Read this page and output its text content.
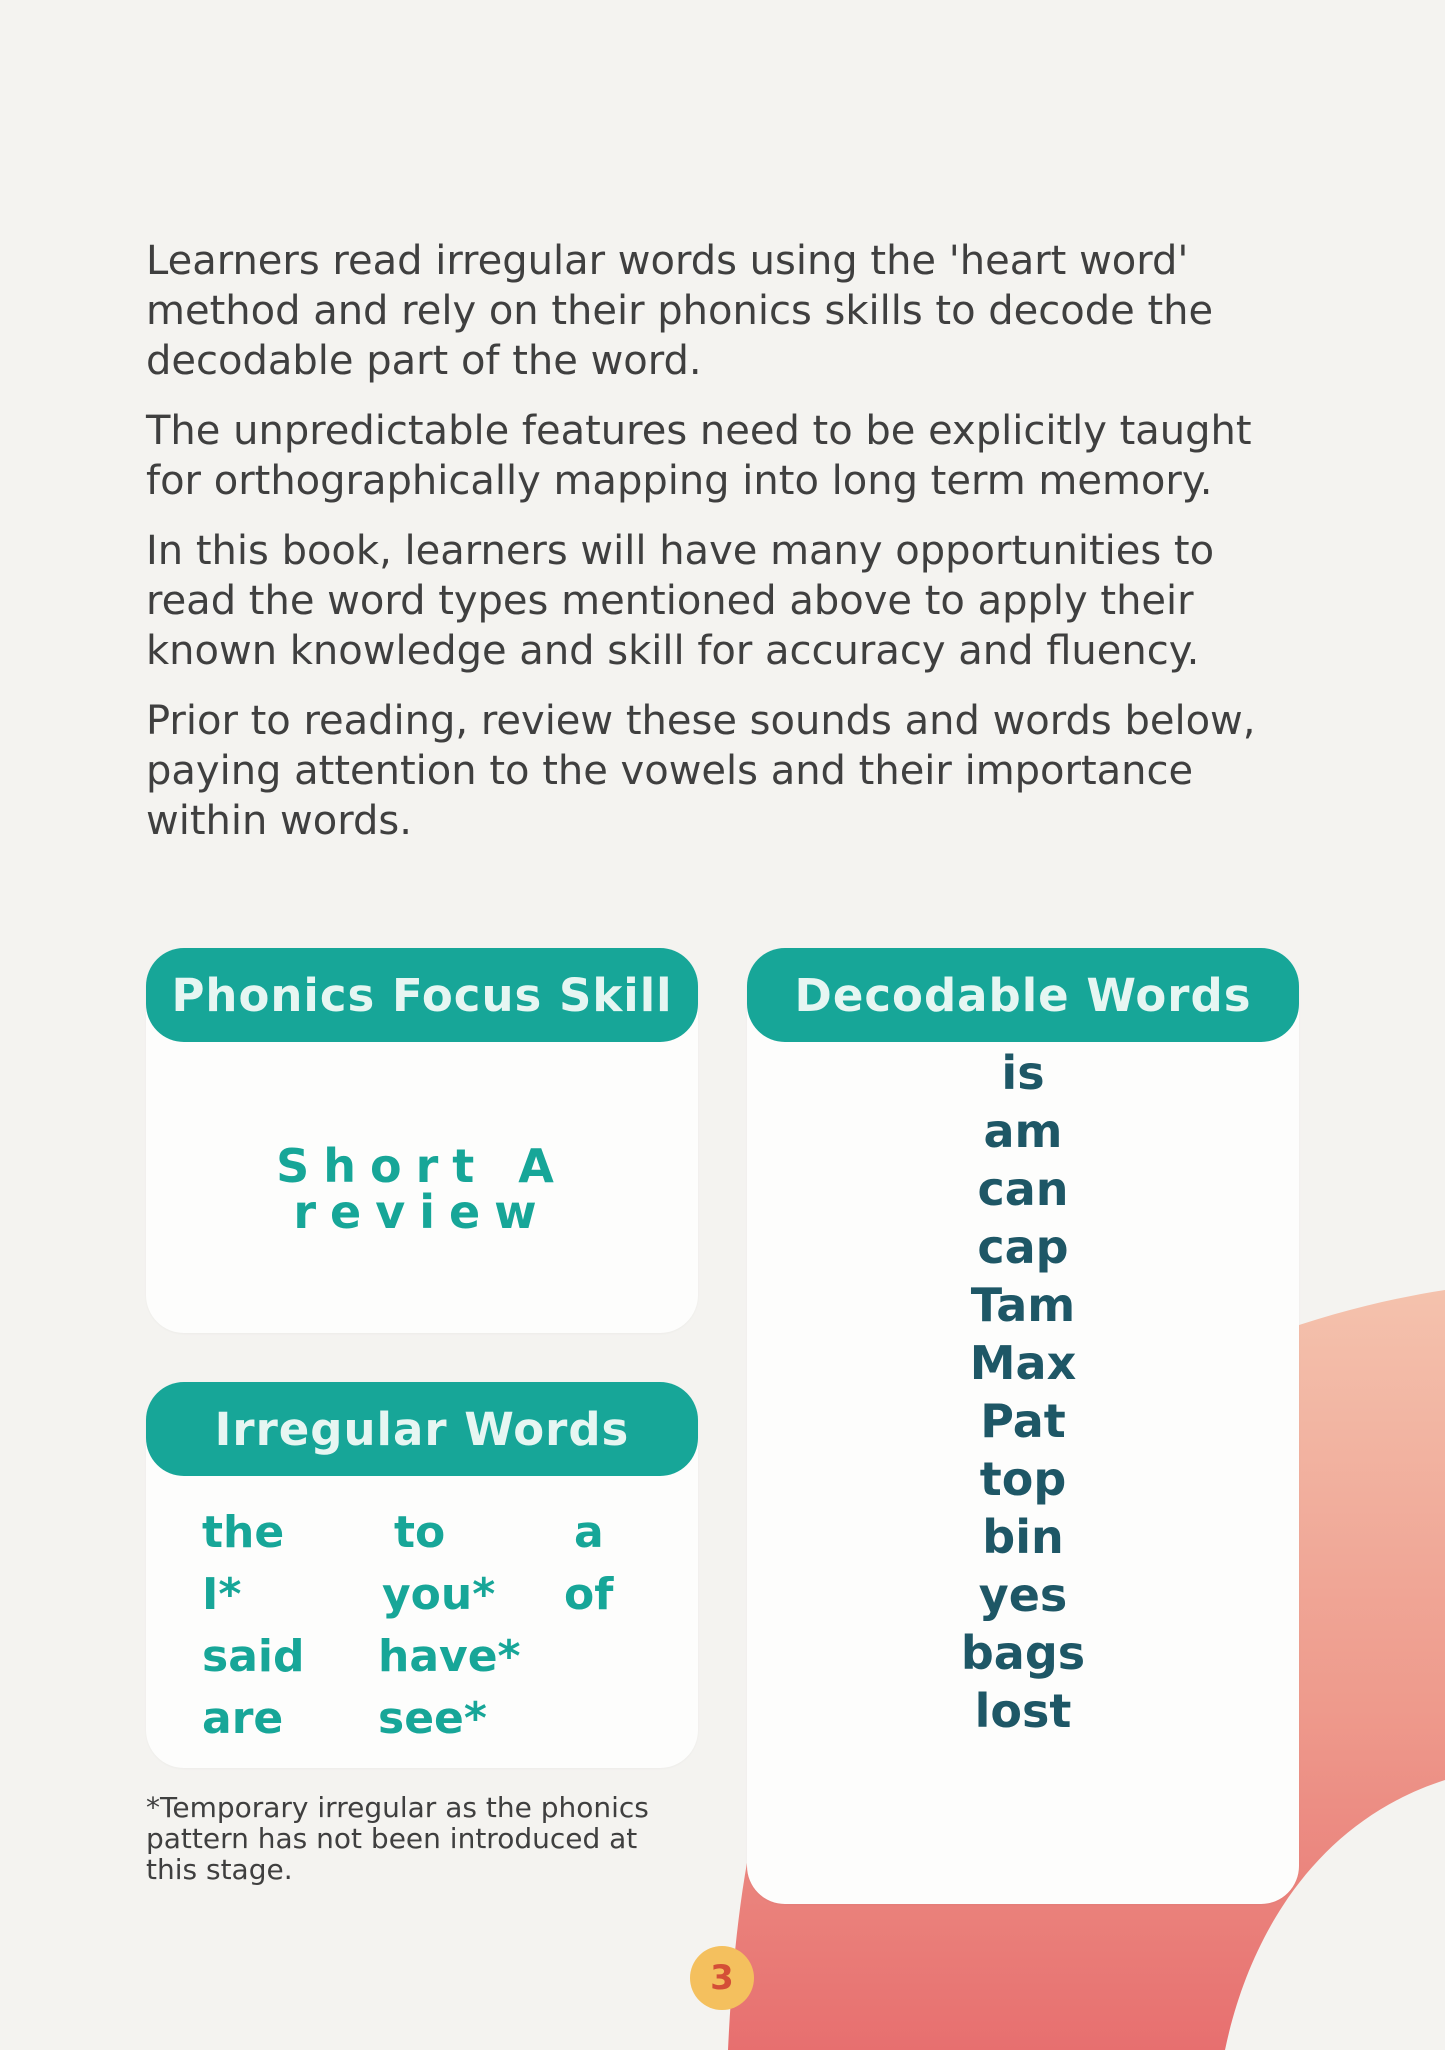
Learners read irregular words using the 'heart word' method and rely on their phonics skills to decode the decodable part of the word.

The unpredictable features need to be explicitly taught for orthographically mapping into long term memory.

In this book, learners will have many opportunities to read the word types mentioned above to apply their known knowledge and skill for accuracy and fluency.

Prior to reading, review these sounds and words below, paying attention to the vowels and their importance within words.

Phonics Focus Skill
Short A
review
Decodable Words
is
am
can
cap
Tam
Max
Pat
top
bin
yes
bags
lost
Irregular Words
the
I*
said
are
to
you*
have*
see*
a
of
*Temporary irregular as the phonics pattern has not been introduced at this stage.
3
